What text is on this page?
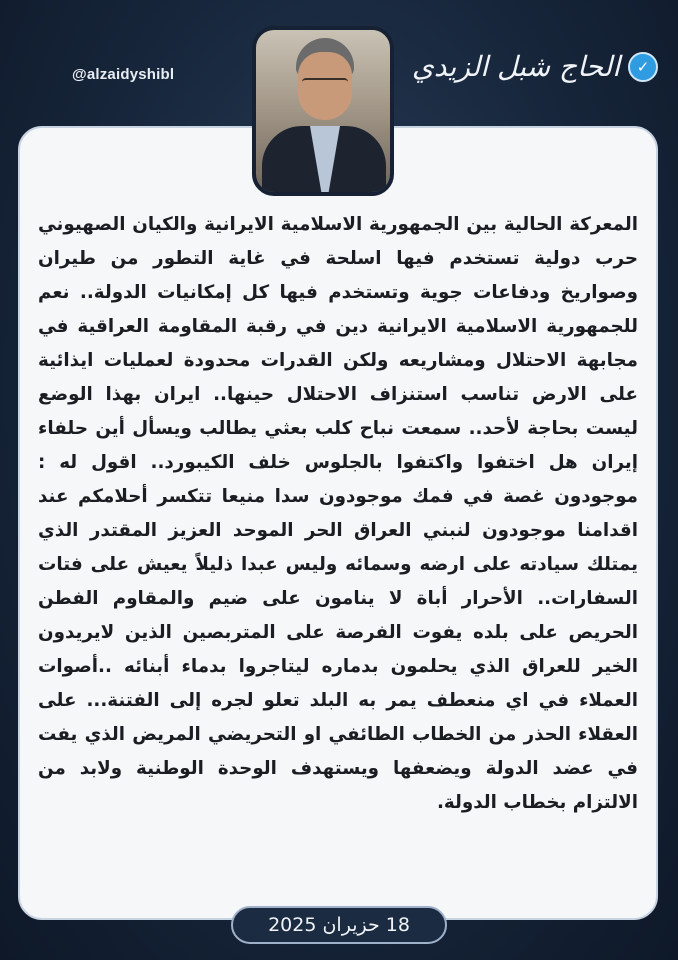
@alzaidyshibl	✓
الحاج شبل الزيدي

المعركة الحالية بين الجمهورية الاسلامية الايرانية والكيان الصهيوني حرب دولية تستخدم فيها اسلحة في غاية التطور من طيران وصواريخ ودفاعات جوية وتستخدم فيها كل إمكانيات الدولة.. نعم للجمهورية الاسلامية الايرانية دين في رقبة المقاومة العراقية في مجابهة الاحتلال ومشاريعه ولكن القدرات محدودة لعمليات ايذائية على الارض تناسب استنزاف الاحتلال حينها.. ايران بهذا الوضع ليست بحاجة لأحد.. سمعت نباح كلب بعثي يطالب ويسأل أين حلفاء إيران هل اختفوا واكتفوا بالجلوس خلف الكيبورد.. اقول له : موجودون غصة في فمك موجودون سدا منيعا تتكسر أحلامكم عند اقدامنا موجودون لنبني العراق الحر الموحد العزيز المقتدر الذي يمتلك سيادته على ارضه وسمائه وليس عبدا ذليلاً يعيش على فتات السفارات.. الأحرار أباة لا ينامون على ضيم والمقاوم الفطن الحريص على بلده يفوت الفرصة على المتربصين الذين لايريدون الخير للعراق الذي يحلمون بدماره ليتاجروا بدماء أبنائه ..أصوات العملاء في اي منعطف يمر به البلد تعلو لجره إلى الفتنة... على العقلاء الحذر من الخطاب الطائفي او التحريضي المريض الذي يفت في عضد الدولة ويضعفها ويستهدف الوحدة الوطنية ولابد من الالتزام بخطاب الدولة.

18 حزيران 2025
